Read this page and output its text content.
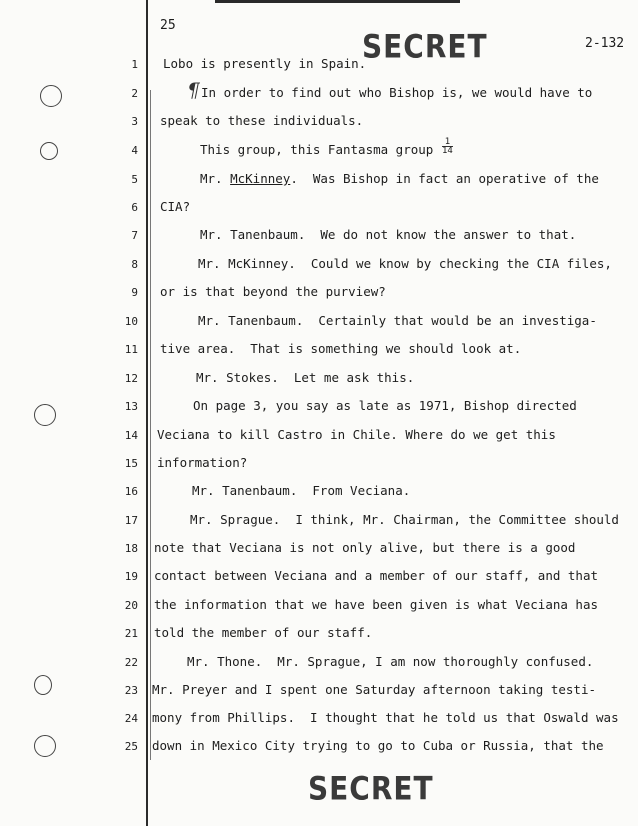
25
2-132
SECRET
SECRET
¶
$\frac{1}{14}$
1
2
3
4
5
6
7
8
9
10
11
12
13
14
15
16
17
18
19
20
21
22
23
24
25
Lobo is presently in Spain.
In order to find out who Bishop is, we would have to
speak to these individuals.
This group, this Fantasma group
Mr. McKinney.  Was Bishop in fact an operative of the
CIA?
Mr. Tanenbaum.  We do not know the answer to that.
Mr. McKinney.  Could we know by checking the CIA files,
or is that beyond the purview?
Mr. Tanenbaum.  Certainly that would be an investiga-
tive area.  That is something we should look at.
Mr. Stokes.  Let me ask this.
On page 3, you say as late as 1971, Bishop directed
Veciana to kill Castro in Chile. Where do we get this
information?
Mr. Tanenbaum.  From Veciana.
Mr. Sprague.  I think, Mr. Chairman, the Committee should
note that Veciana is not only alive, but there is a good
contact between Veciana and a member of our staff, and that
the information that we have been given is what Veciana has
told the member of our staff.
Mr. Thone.  Mr. Sprague, I am now thoroughly confused.
Mr. Preyer and I spent one Saturday afternoon taking testi-
mony from Phillips.  I thought that he told us that Oswald was
down in Mexico City trying to go to Cuba or Russia, that the
